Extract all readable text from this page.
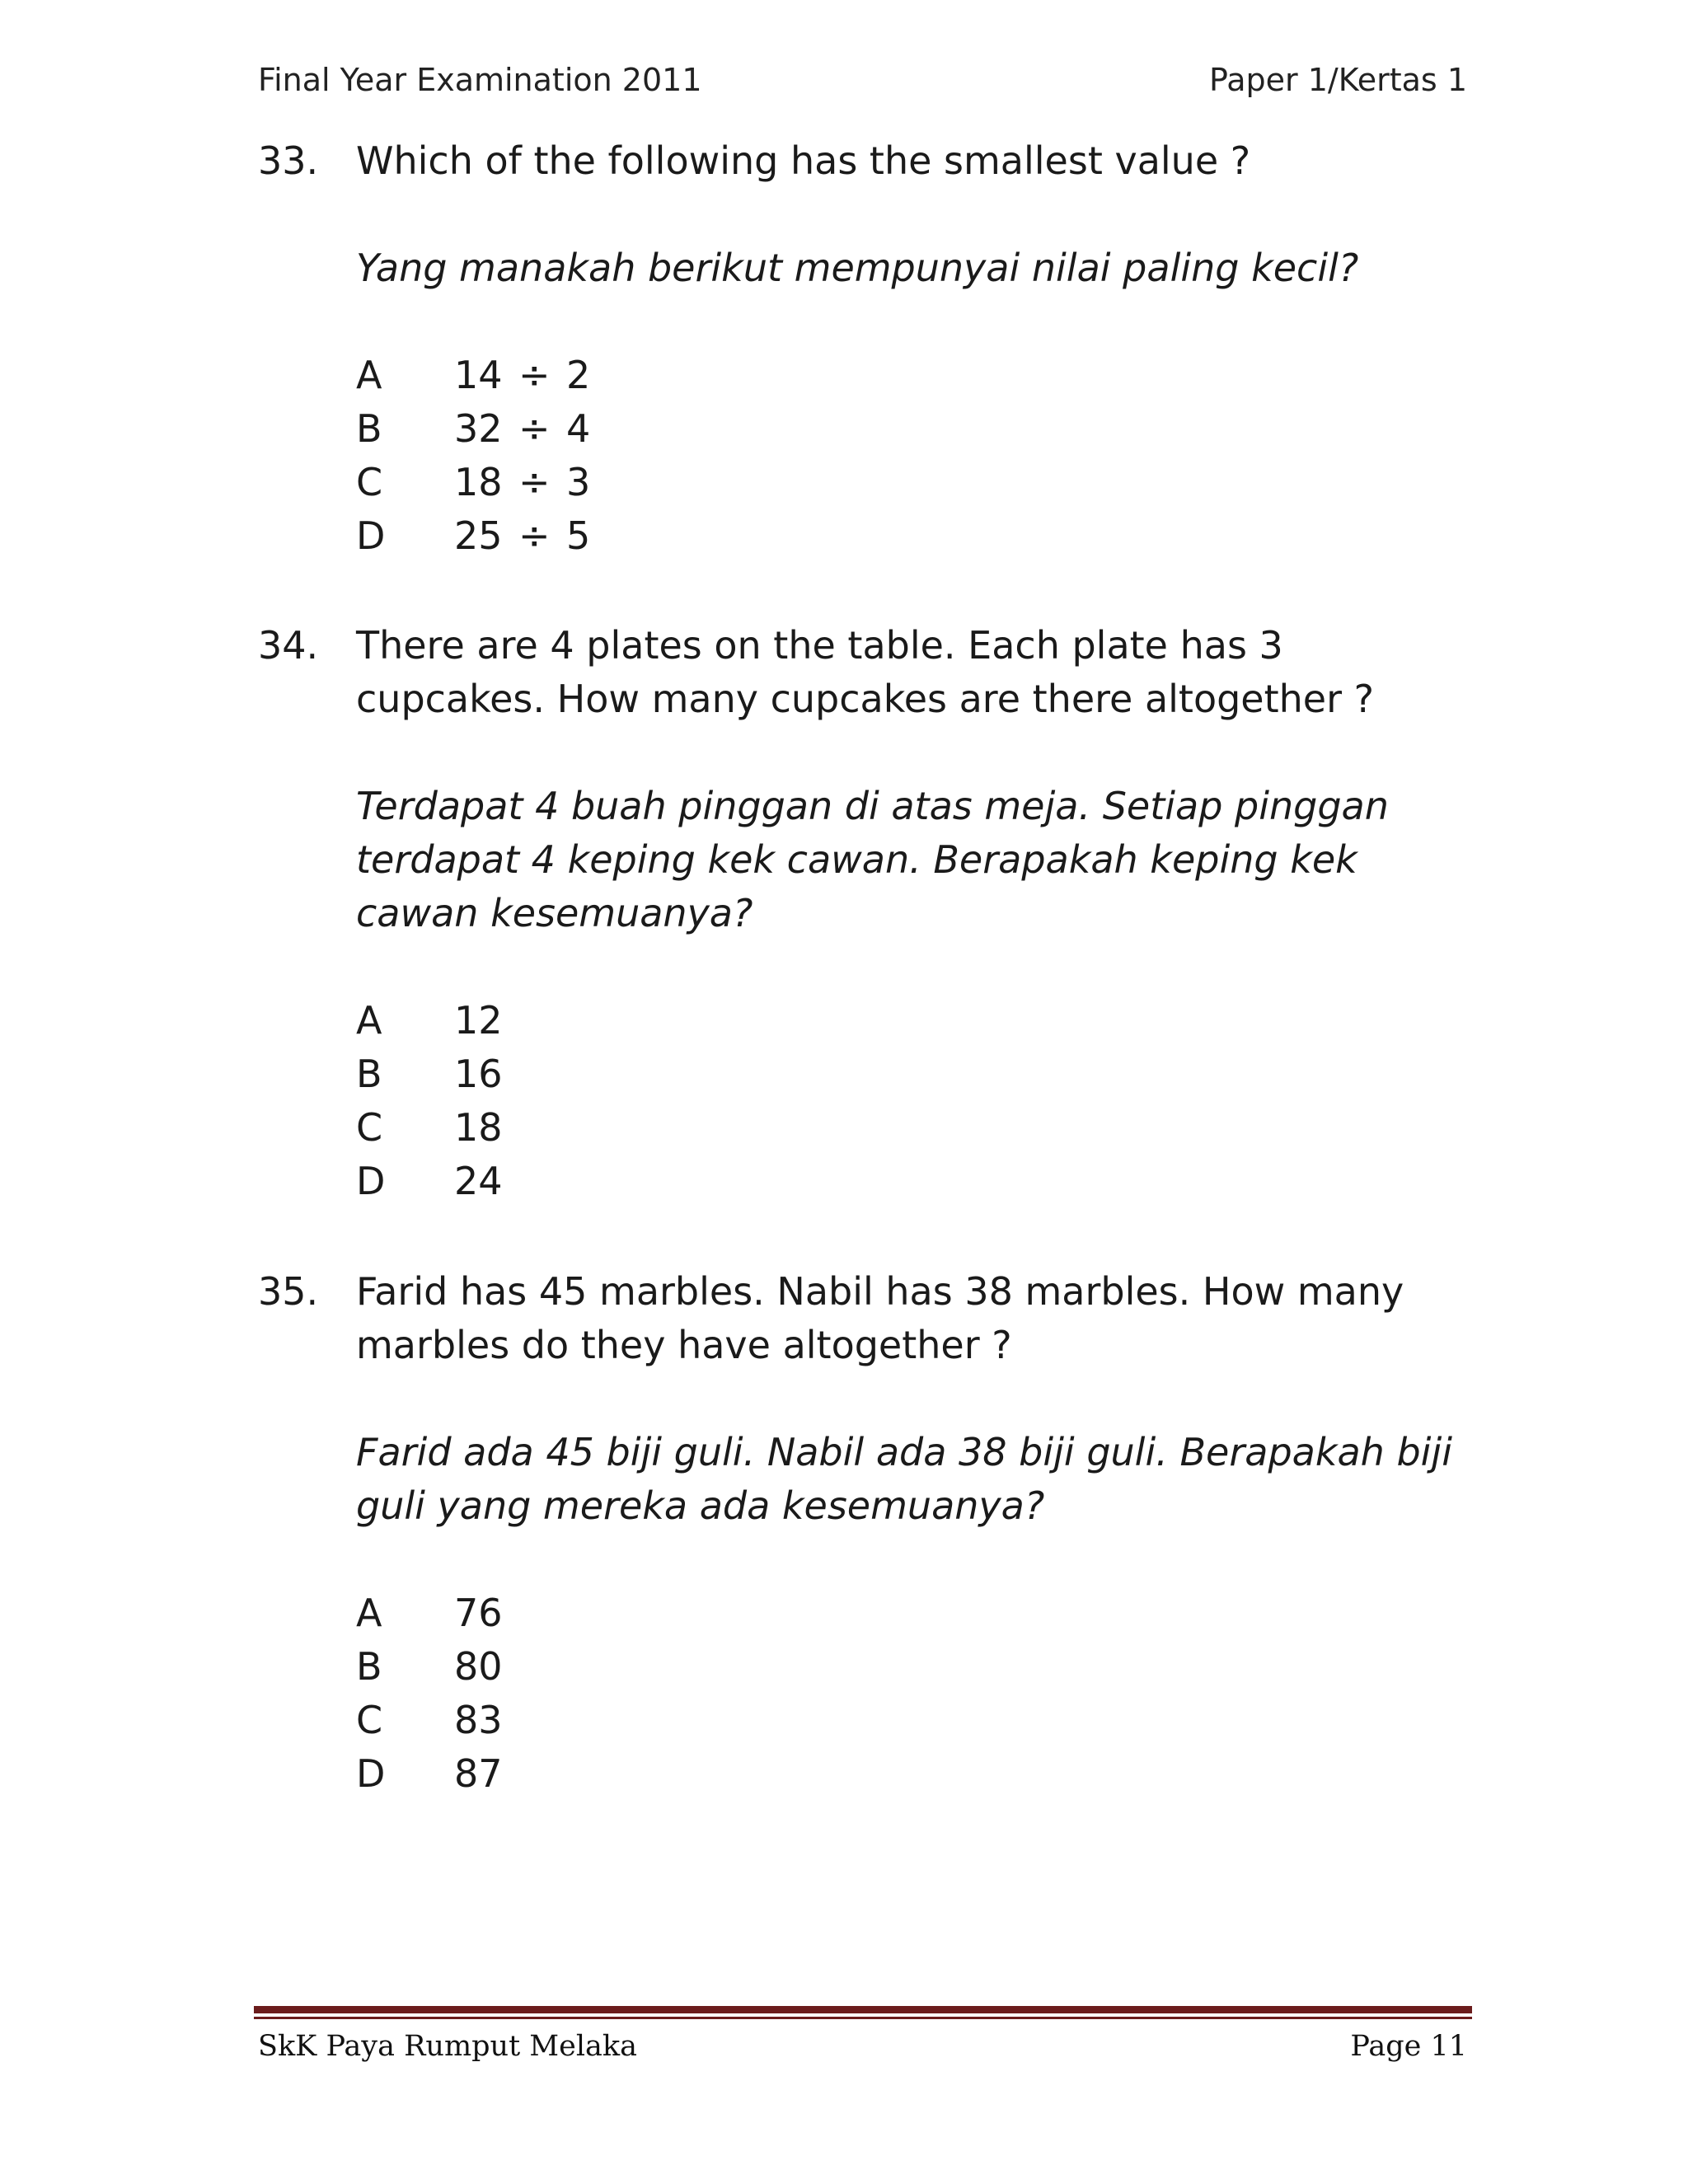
Final Year Examination 2011	Paper 1/Kertas 1
33. Which of the following has the smallest value ?
Yang manakah berikut mempunyai nilai paling kecil?
A	14 ÷ 2
B	32 ÷ 4
C	18 ÷ 3
D	25 ÷ 5
34. There are 4 plates on the table. Each plate has 3 cupcakes. How many cupcakes are there altogether ?
Terdapat 4 buah pinggan di atas meja. Setiap pinggan terdapat 4 keping kek cawan. Berapakah keping kek cawan kesemuanya?
A	12
B	16
C	18
D	24
35. Farid has 45 marbles. Nabil has 38 marbles. How many marbles do they have altogether ?
Farid ada 45 biji guli. Nabil ada 38 biji guli. Berapakah biji guli yang mereka ada kesemuanya?
A	76
B	80
C	83
D	87
SkK Paya Rumput Melaka	Page 11
